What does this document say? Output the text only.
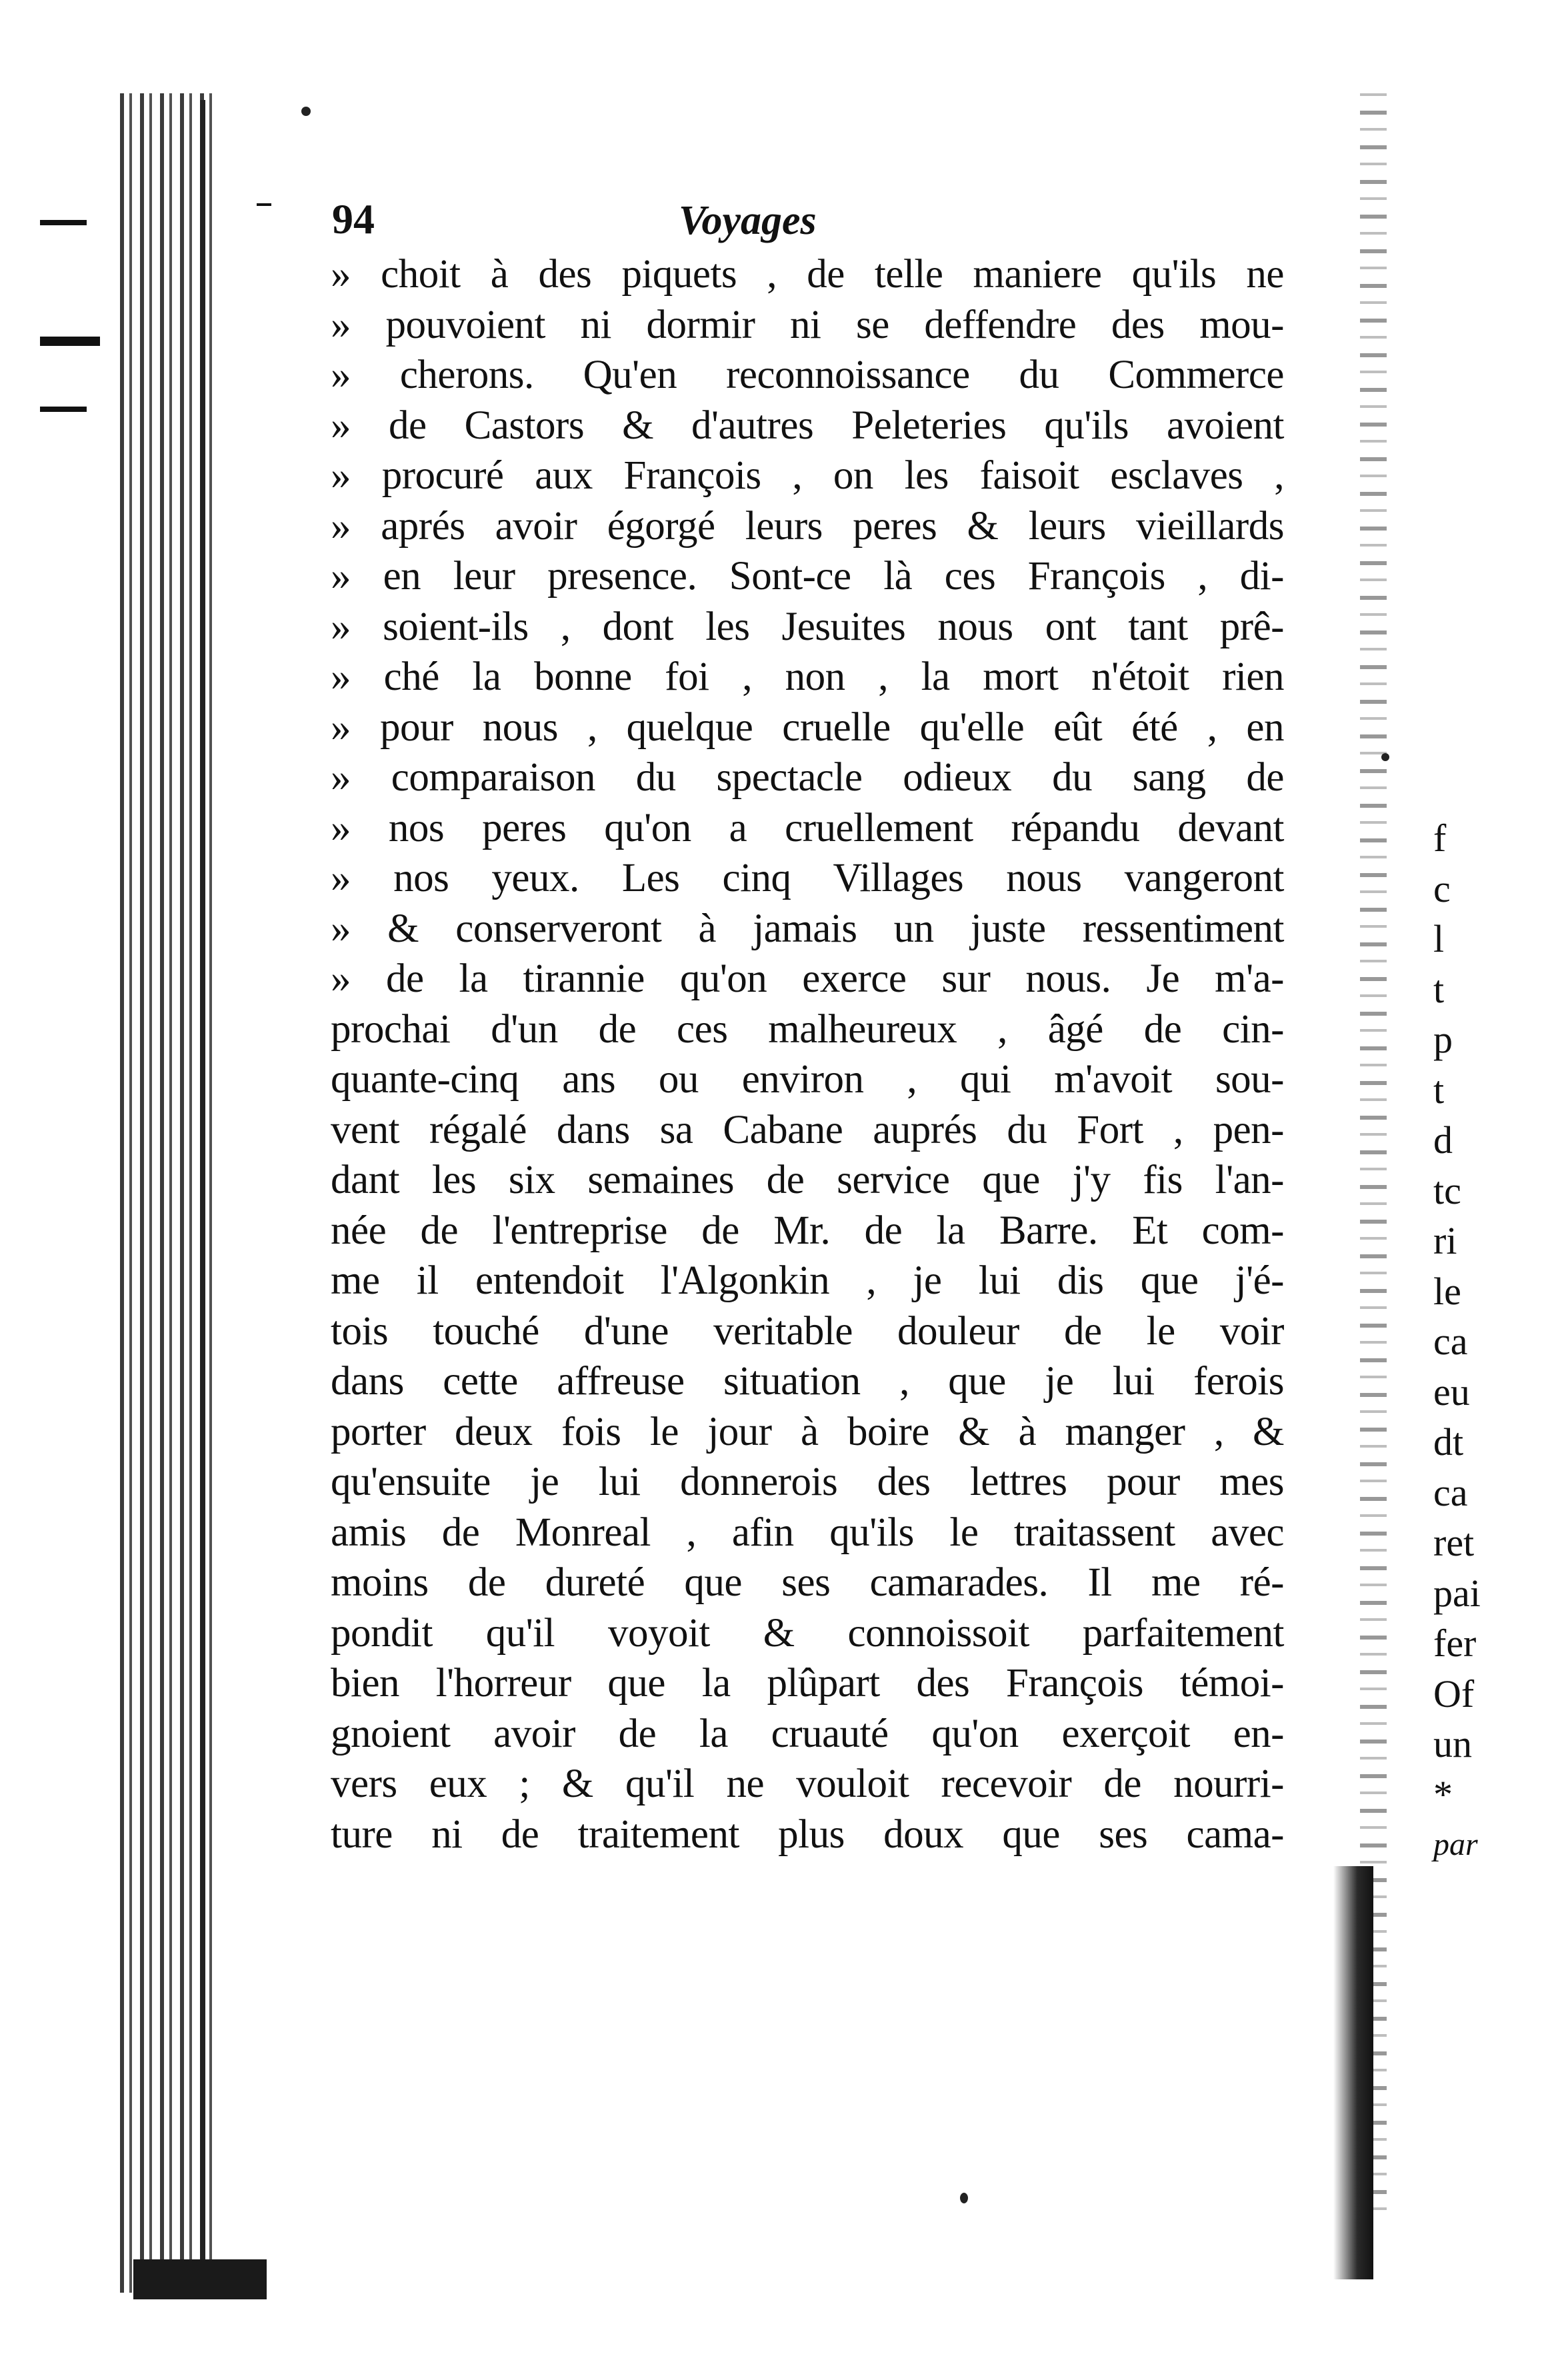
94	Voyages
» choit à des piquets , de telle maniere qu'ils ne
» pouvoient ni dormir ni se deffendre des mou-
» cherons. Qu'en reconnoissance du Commerce
» de Castors & d'autres Peleteries qu'ils avoient
» procuré aux François , on les faisoit esclaves ,
» aprés avoir égorgé leurs peres & leurs vieillards
» en leur presence. Sont-ce là ces François , di-
» soient-ils , dont les Jesuites nous ont tant prê-
» ché la bonne foi , non , la mort n'étoit rien
» pour nous , quelque cruelle qu'elle eût été , en
» comparaison du spectacle odieux du sang de
» nos peres qu'on a cruellement répandu devant
» nos yeux. Les cinq Villages nous vangeront
» & conserveront à jamais un juste ressentiment
» de la tirannie qu'on exerce sur nous. Je m'a-
prochai d'un de ces malheureux , âgé de cin-
quante-cinq ans ou environ , qui m'avoit sou-
vent régalé dans sa Cabane auprés du Fort , pen-
dant les six semaines de service que j'y fis l'an-
née de l'entreprise de Mr. de la Barre. Et com-
me il entendoit l'Algonkin , je lui dis que j'é-
tois touché d'une veritable douleur de le voir
dans cette affreuse situation , que je lui ferois
porter deux fois le jour à boire & à manger , &
qu'ensuite je lui donnerois des lettres pour mes
amis de Monreal , afin qu'ils le traitassent avec
moins de dureté que ses camarades. Il me ré-
pondit qu'il voyoit & connoissoit parfaitement
bien l'horreur que la plûpart des François témoi-
gnoient avoir de la cruauté qu'on exerçoit en-
vers eux ; & qu'il ne vouloit recevoir de nourri-
ture ni de traitement plus doux que ses cama-
f
c
l
t
p
t
d
tc
ri
le
ca
eu
dt
ca
ret
pai
fer
Of
un
*
par
